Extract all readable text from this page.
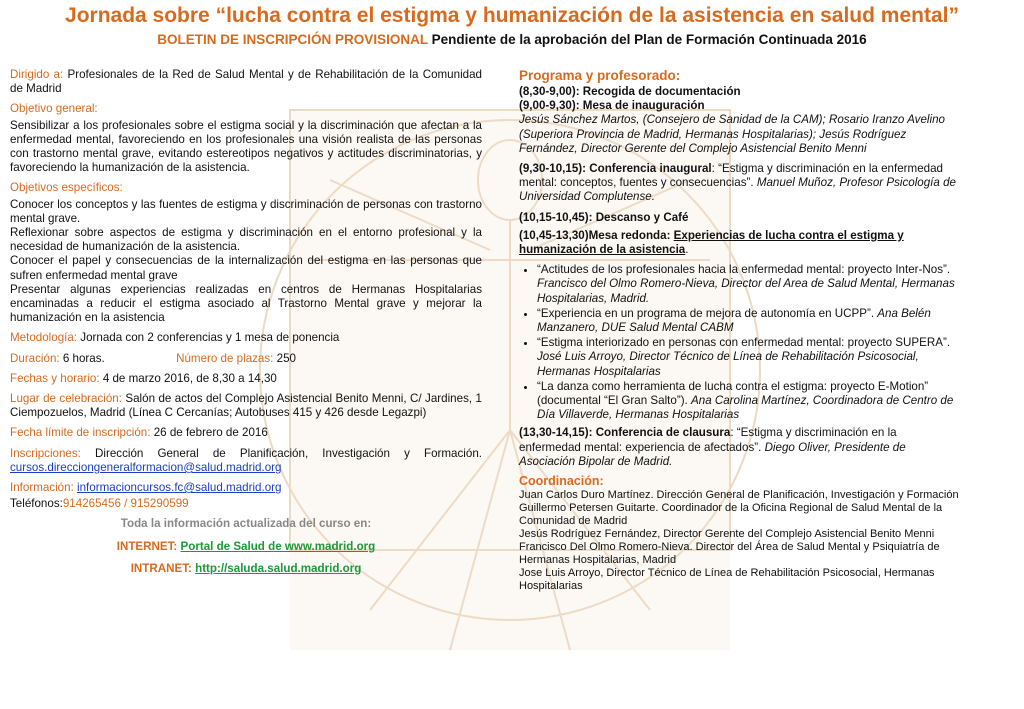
Jornada sobre “lucha contra el estigma y humanización de la asistencia en salud mental”

BOLETIN DE INSCRIPCIÓN PROVISIONAL Pendiente de la aprobación del Plan de Formación Continuada 2016
Dirigido a: Profesionales de la Red de Salud Mental y de Rehabilitación de la Comunidad de Madrid

Objetivo general:

Sensibilizar a los profesionales sobre el estigma social y la discriminación que afectan a la enfermedad mental, favoreciendo en los profesionales una visión realista de las personas con trastorno mental grave, evitando estereotipos negativos y actitudes discriminatorias, y favoreciendo la humanización de la asistencia.

Objetivos específicos:

Conocer los conceptos y las fuentes de estigma y discriminación de personas con trastorno mental grave.

Reflexionar sobre aspectos de estigma y discriminación en el entorno profesional y la necesidad de humanización de la asistencia.

Conocer el papel y consecuencias de la internalización del estigma en las personas que sufren enfermedad mental grave

Presentar algunas experiencias realizadas en centros de Hermanas Hospitalarias encaminadas a reducir el estigma asociado al Trastorno Mental grave y mejorar la humanización en la asistencia

Metodología: Jornada con 2 conferencias y 1 mesa de ponencia
Duración: 6 horas.	Número de plazas: 250
Fechas y horario: 4 de marzo 2016, de 8,30 a 14,30
Lugar de celebración: Salón de actos del Complejo Asistencial Benito Menni, C/ Jardines, 1 Ciempozuelos, Madrid (Línea C Cercanías; Autobuses 415 y 426 desde Legazpi)
Fecha límite de inscripción: 26 de febrero de 2016
Inscripciones: Dirección General de Planificación, Investigación y Formación. cursos.direcciongeneralformacion@salud.madrid.org
Información: informacioncursos.fc@salud.madrid.org
Teléfonos:914265456 / 915290599

Toda la información actualizada del curso en:

INTERNET: Portal de Salud de www.madrid.org

INTRANET: http://saluda.salud.madrid.org

Programa y profesorado:

(8,30-9,00): Recogida de documentación

(9,00-9,30): Mesa de inauguración

Jesús Sánchez Martos, (Consejero de Sanidad de la CAM); Rosario Iranzo Avelino (Superiora Provincia de Madrid, Hermanas Hospitalarias); Jesús Rodríguez Fernández, Director Gerente del Complejo Asistencial Benito Menni

(9,30-10,15): Conferencia inaugural: “Estigma y discriminación en la enfermedad mental: conceptos, fuentes y consecuencias”. Manuel Muñoz, Profesor Psicología de Universidad Complutense.

(10,15-10,45): Descanso y Café

(10,45-13,30)Mesa redonda: Experiencias de lucha contra el estigma y humanización de la asistencia.

• “Actitudes de los profesionales hacia la enfermedad mental: proyecto Inter-Nos”. Francisco del Olmo Romero-Nieva, Director del Area de Salud Mental, Hermanas Hospitalarias, Madrid.
• “Experiencia en un programa de mejora de autonomía en UCPP”. Ana Belén Manzanero, DUE Salud Mental CABM
• “Estigma interiorizado en personas con enfermedad mental: proyecto SUPERA”. José Luis Arroyo, Director Técnico de Línea de Rehabilitación Psicosocial, Hermanas Hospitalarias
• “La danza como herramienta de lucha contra el estigma: proyecto E-Motion” (documental “El Gran Salto”). Ana Carolina Martínez, Coordinadora de Centro de Día Villaverde, Hermanas Hospitalarias

(13,30-14,15): Conferencia de clausura: “Estigma y discriminación en la enfermedad mental: experiencia de afectados”. Diego Oliver, Presidente de Asociación Bipolar de Madrid.

Coordinación:

Juan Carlos Duro Martínez. Dirección General de Planificación, Investigación y Formación

Guillermo Petersen Guitarte. Coordinador de la Oficina Regional de Salud Mental de la Comunidad de Madrid

Jesús Rodríguez Fernández, Director Gerente del Complejo Asistencial Benito Menni

Francisco Del Olmo Romero-Nieva. Director del Área de Salud Mental y Psiquiatría de Hermanas Hospitalarias, Madrid

Jose Luis Arroyo, Director Técnico de Línea de Rehabilitación Psicosocial, Hermanas Hospitalarias
